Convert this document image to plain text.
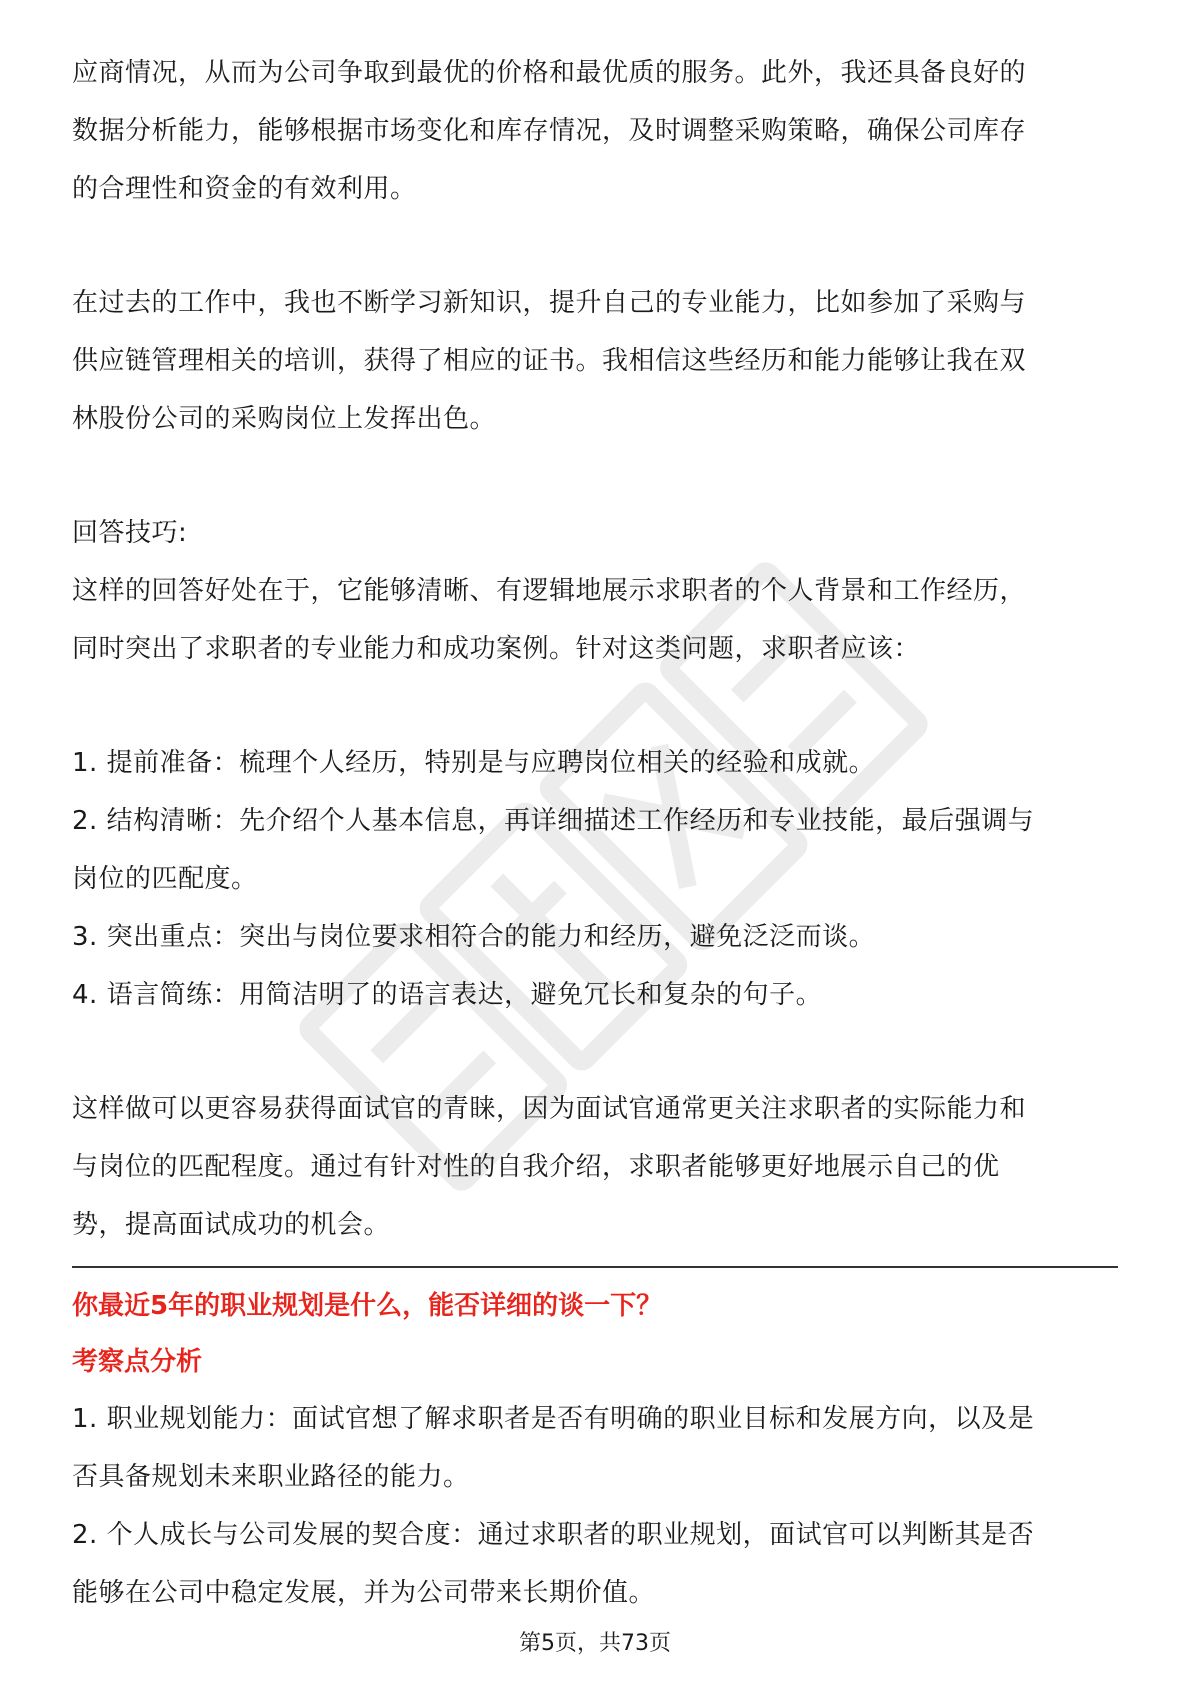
应商情况，从而为公司争取到最优的价格和最优质的服务。此外，我还具备良好的

数据分析能力，能够根据市场变化和库存情况，及时调整采购策略，确保公司库存

的合理性和资金的有效利用。

在过去的工作中，我也不断学习新知识，提升自己的专业能力，比如参加了采购与

供应链管理相关的培训，获得了相应的证书。我相信这些经历和能力能够让我在双

林股份公司的采购岗位上发挥出色。

回答技巧:

这样的回答好处在于，它能够清晰、有逻辑地展示求职者的个人背景和工作经历，

同时突出了求职者的专业能力和成功案例。针对这类问题，求职者应该：

1. 提前准备：梳理个人经历，特别是与应聘岗位相关的经验和成就。

2. 结构清晰：先介绍个人基本信息，再详细描述工作经历和专业技能，最后强调与

岗位的匹配度。

3. 突出重点：突出与岗位要求相符合的能力和经历，避免泛泛而谈。

4. 语言简练：用简洁明了的语言表达，避免冗长和复杂的句子。

这样做可以更容易获得面试官的青睐，因为面试官通常更关注求职者的实际能力和

与岗位的匹配程度。通过有针对性的自我介绍，求职者能够更好地展示自己的优

势，提高面试成功的机会。

你最近5年的职业规划是什么，能否详细的谈一下？

考察点分析

1. 职业规划能力：面试官想了解求职者是否有明确的职业目标和发展方向，以及是

否具备规划未来职业路径的能力。

2. 个人成长与公司发展的契合度：通过求职者的职业规划，面试官可以判断其是否

能够在公司中稳定发展，并为公司带来长期价值。

第5页，共73页
